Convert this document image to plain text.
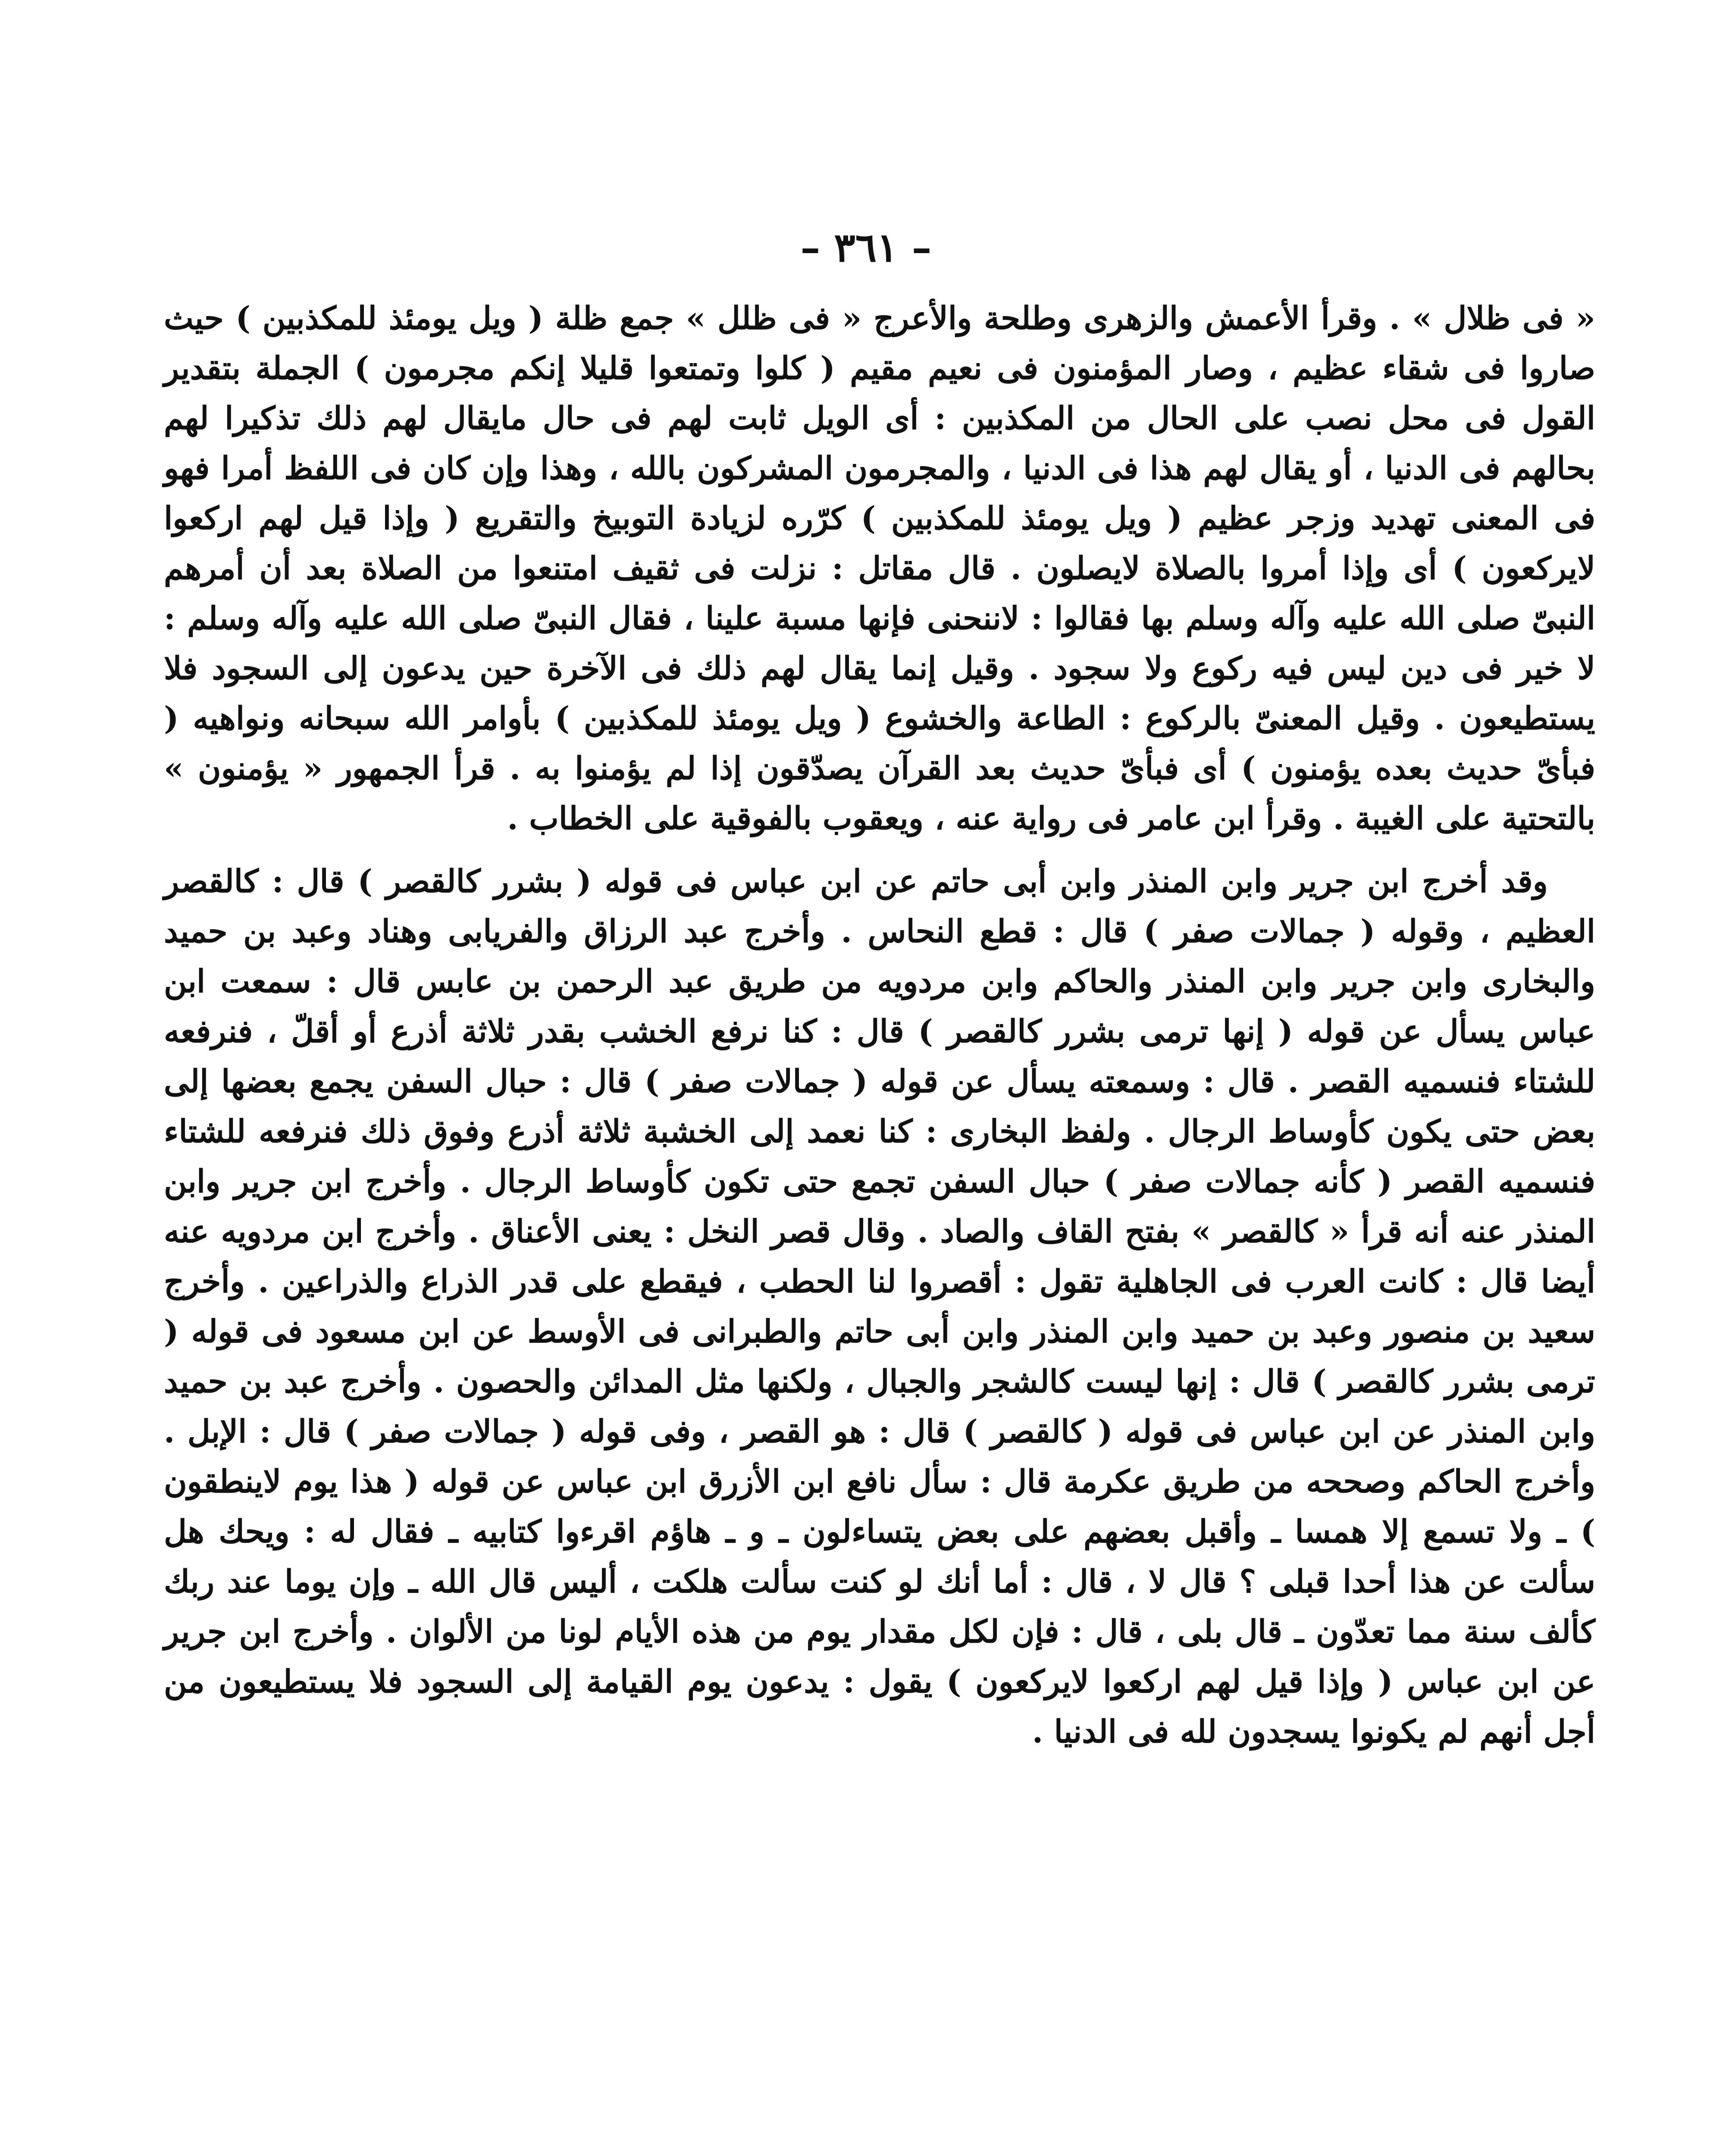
– ٣٦١ –

« فى ظلال » . وقرأ الأعمش والزهرى وطلحة والأعرج « فى ظلل » جمع ظلة ( ويل يومئذ للمكذبين ) حيث صاروا فى شقاء عظيم ، وصار المؤمنون فى نعيم مقيم ( كلوا وتمتعوا قليلا إنكم مجرمون ) الجملة بتقدير القول فى محل نصب على الحال من المكذبين : أى الويل ثابت لهم فى حال مايقال لهم ذلك تذكيرا لهم بحالهم فى الدنيا ، أو يقال لهم هذا فى الدنيا ، والمجرمون المشركون بالله ، وهذا وإن كان فى اللفظ أمرا فهو فى المعنى تهديد وزجر عظيم ( ويل يومئذ للمكذبين ) كرّره لزيادة التوبيخ والتقريع ( وإذا قيل لهم اركعوا لايركعون ) أى وإذا أمروا بالصلاة لايصلون . قال مقاتل : نزلت فى ثقيف امتنعوا من الصلاة بعد أن أمرهم النبىّ صلى الله عليه وآله وسلم بها فقالوا : لاننحنى فإنها مسبة علينا ، فقال النبىّ صلى الله عليه وآله وسلم : لا خير فى دين ليس فيه ركوع ولا سجود . وقيل إنما يقال لهم ذلك فى الآخرة حين يدعون إلى السجود فلا يستطيعون . وقيل المعنىّ بالركوع : الطاعة والخشوع ( ويل يومئذ للمكذبين ) بأوامر الله سبحانه ونواهيه ( فبأىّ حديث بعده يؤمنون ) أى فبأىّ حديث بعد القرآن يصدّقون إذا لم يؤمنوا به . قرأ الجمهور « يؤمنون » بالتحتية على الغيبة . وقرأ ابن عامر فى رواية عنه ، ويعقوب بالفوقية على الخطاب .

وقد أخرج ابن جرير وابن المنذر وابن أبى حاتم عن ابن عباس فى قوله ( بشرر كالقصر ) قال : كالقصر العظيم ، وقوله ( جمالات صفر ) قال : قطع النحاس . وأخرج عبد الرزاق والفريابى وهناد وعبد بن حميد والبخارى وابن جرير وابن المنذر والحاكم وابن مردويه من طريق عبد الرحمن بن عابس قال : سمعت ابن عباس يسأل عن قوله ( إنها ترمى بشرر كالقصر ) قال : كنا نرفع الخشب بقدر ثلاثة أذرع أو أقلّ ، فنرفعه للشتاء فنسميه القصر . قال : وسمعته يسأل عن قوله ( جمالات صفر ) قال : حبال السفن يجمع بعضها إلى بعض حتى يكون كأوساط الرجال . ولفظ البخارى : كنا نعمد إلى الخشبة ثلاثة أذرع وفوق ذلك فنرفعه للشتاء فنسميه القصر ( كأنه جمالات صفر ) حبال السفن تجمع حتى تكون كأوساط الرجال . وأخرج ابن جرير وابن المنذر عنه أنه قرأ « كالقصر » بفتح القاف والصاد . وقال قصر النخل : يعنى الأعناق . وأخرج ابن مردويه عنه أيضا قال : كانت العرب فى الجاهلية تقول : أقصروا لنا الحطب ، فيقطع على قدر الذراع والذراعين . وأخرج سعيد بن منصور وعبد بن حميد وابن المنذر وابن أبى حاتم والطبرانى فى الأوسط عن ابن مسعود فى قوله ( ترمى بشرر كالقصر ) قال : إنها ليست كالشجر والجبال ، ولكنها مثل المدائن والحصون . وأخرج عبد بن حميد وابن المنذر عن ابن عباس فى قوله ( كالقصر ) قال : هو القصر ، وفى قوله ( جمالات صفر ) قال : الإبل . وأخرج الحاكم وصححه من طريق عكرمة قال : سأل نافع ابن الأزرق ابن عباس عن قوله ( هذا يوم لاينطقون ) ـ ولا تسمع إلا همسا ـ وأقبل بعضهم على بعض يتساءلون ـ و ـ هاؤم اقرءوا كتابيه ـ فقال له : ويحك هل سألت عن هذا أحدا قبلى ؟ قال لا ، قال : أما أنك لو كنت سألت هلكت ، أليس قال الله ـ وإن يوما عند ربك كألف سنة مما تعدّون ـ قال بلى ، قال : فإن لكل مقدار يوم من هذه الأيام لونا من الألوان . وأخرج ابن جرير عن ابن عباس ( وإذا قيل لهم اركعوا لايركعون ) يقول : يدعون يوم القيامة إلى السجود فلا يستطيعون من أجل أنهم لم يكونوا يسجدون لله فى الدنيا .
